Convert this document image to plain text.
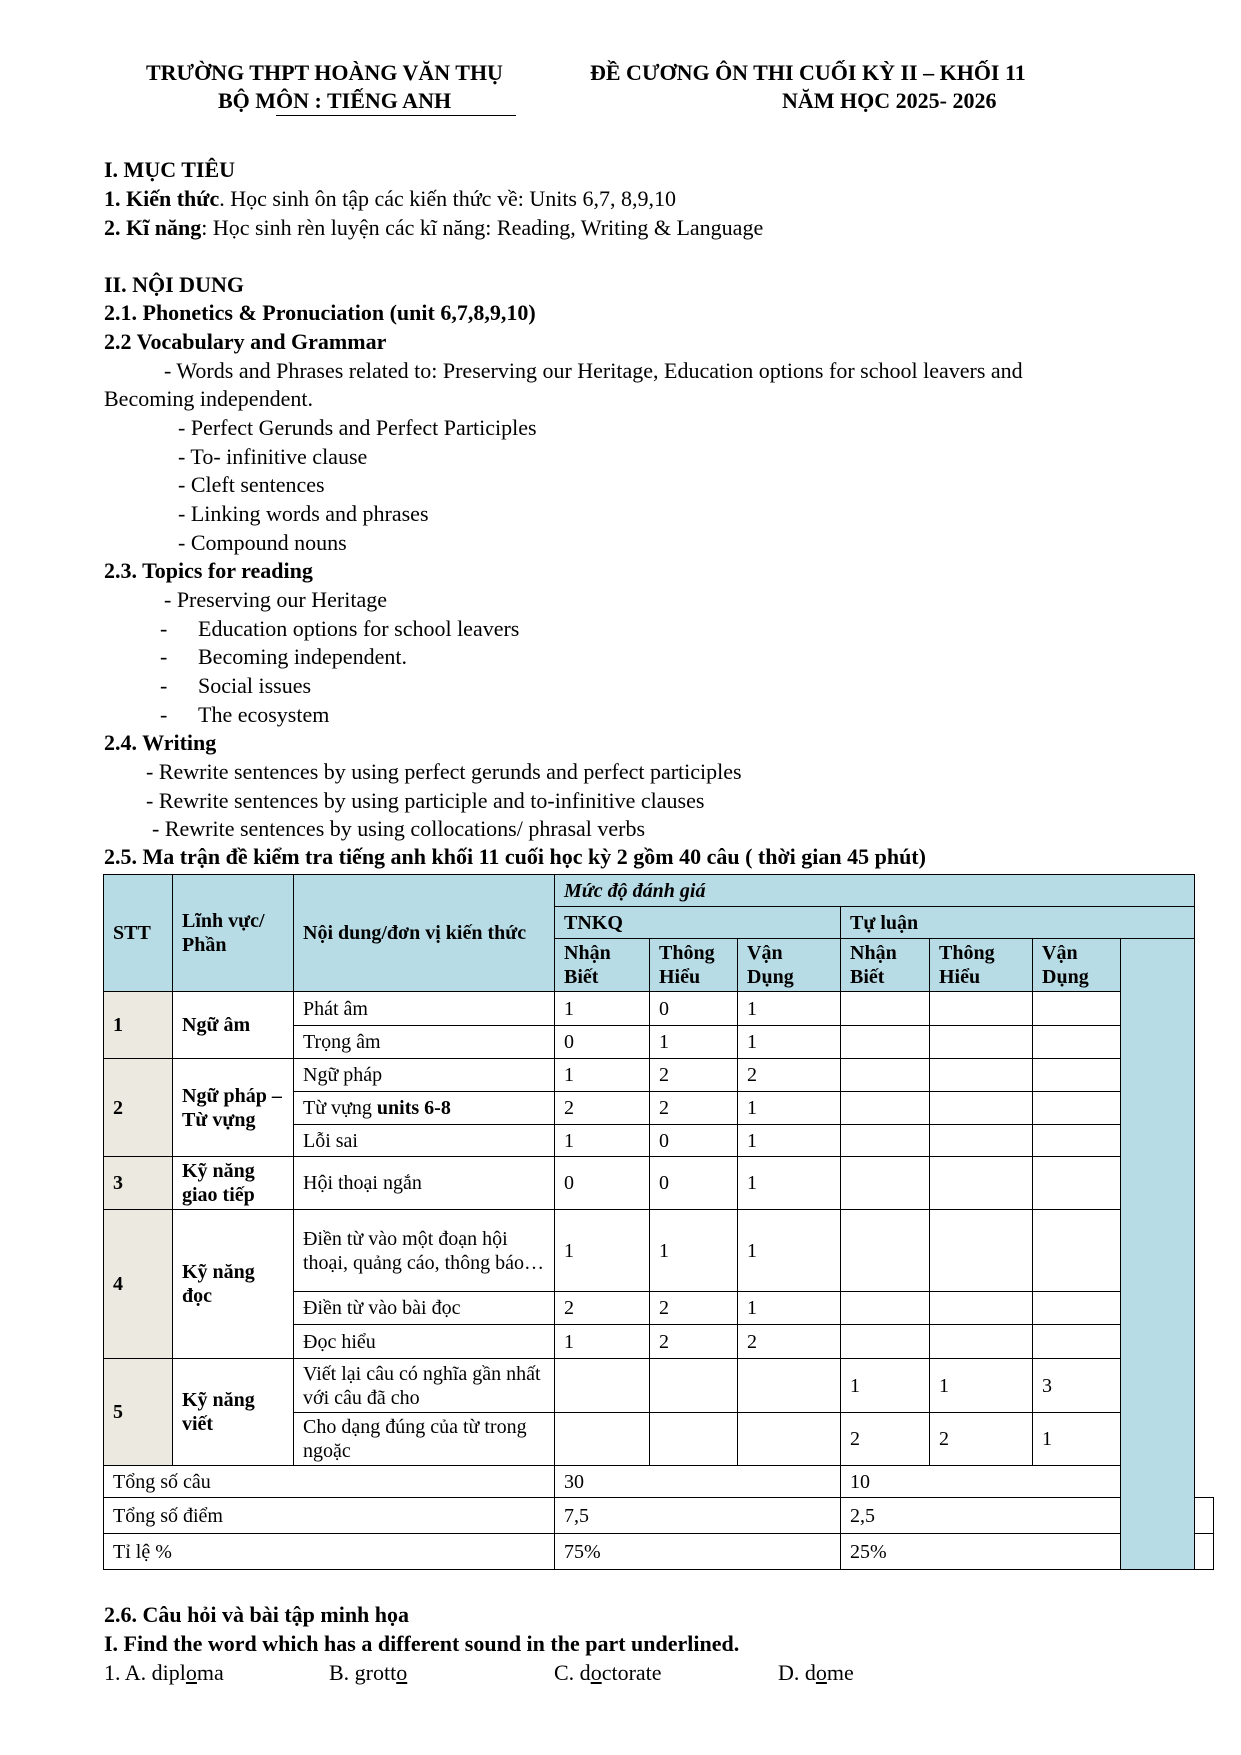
TRƯỜNG THPT HOÀNG VĂN THỤ
BỘ MÔN : TIẾNG ANH
ĐỀ CƯƠNG ÔN THI CUỐI KỲ II – KHỐI 11
NĂM HỌC 2025- 2026
I. MỤC TIÊU
1. Kiến thức. Học sinh ôn tập các kiến thức về: Units 6,7, 8,9,10
2. Kĩ năng: Học sinh rèn luyện các kĩ năng: Reading, Writing & Language
II. NỘI DUNG
2.1. Phonetics & Pronuciation (unit 6,7,8,9,10)
2.2 Vocabulary and Grammar
- Words and Phrases related to: Preserving our Heritage, Education options for school leavers and
Becoming independent.
- Perfect Gerunds and Perfect Participles
- To- infinitive clause
- Cleft sentences
- Linking words and phrases
- Compound nouns
2.3. Topics for reading
- Preserving our Heritage
- Education options for school leavers
- Becoming independent.
- Social issues
- The ecosystem
2.4. Writing
- Rewrite sentences by using perfect gerunds and perfect participles
- Rewrite sentences by using participle and to-infinitive clauses
- Rewrite sentences by using collocations/ phrasal verbs
2.5. Ma trận đề kiểm tra tiếng anh khối 11 cuối học kỳ 2 gồm 40 câu ( thời gian 45 phút)
STT	Lĩnh vực/ Phần	Nội dung/đơn vị kiến thức	Mức độ đánh giá							
			TNKQ			Tự luận				
			Nhận Biết	Thông Hiểu	Vận Dụng	Nhận Biết	Thông Hiểu	Vận Dụng		
1	Ngữ âm	Phát âm	1	0	1					
		Trọng âm	0	1	1					
2	Ngữ pháp – Từ vựng	Ngữ pháp	1	2	2					
		Từ vựng units 6-8	2	2	1					
		Lỗi sai	1	0	1					
3	Kỹ năng giao tiếp	Hội thoại ngắn	0	0	1					
4	Kỹ năng đọc	Điền từ vào một đoạn hội thoại, quảng cáo, thông báo…	1	1	1					
		Điền từ vào bài đọc	2	2	1					
		Đọc hiểu	1	2	2					
5	Kỹ năng viết	Viết lại câu có nghĩa gần nhất với câu đã cho				1	1	3		
		Cho dạng đúng của từ trong ngoặc				2	2	1		
Tổng số câu			30			10				
Tổng số điểm			7,5			2,5				
Tỉ lệ %			75%			25%				
2.6. Câu hỏi và bài tập minh họa
I. Find the word which has a different sound in the part underlined.
1. A. diploma	B. grotto	C. doctorate	D. dome
